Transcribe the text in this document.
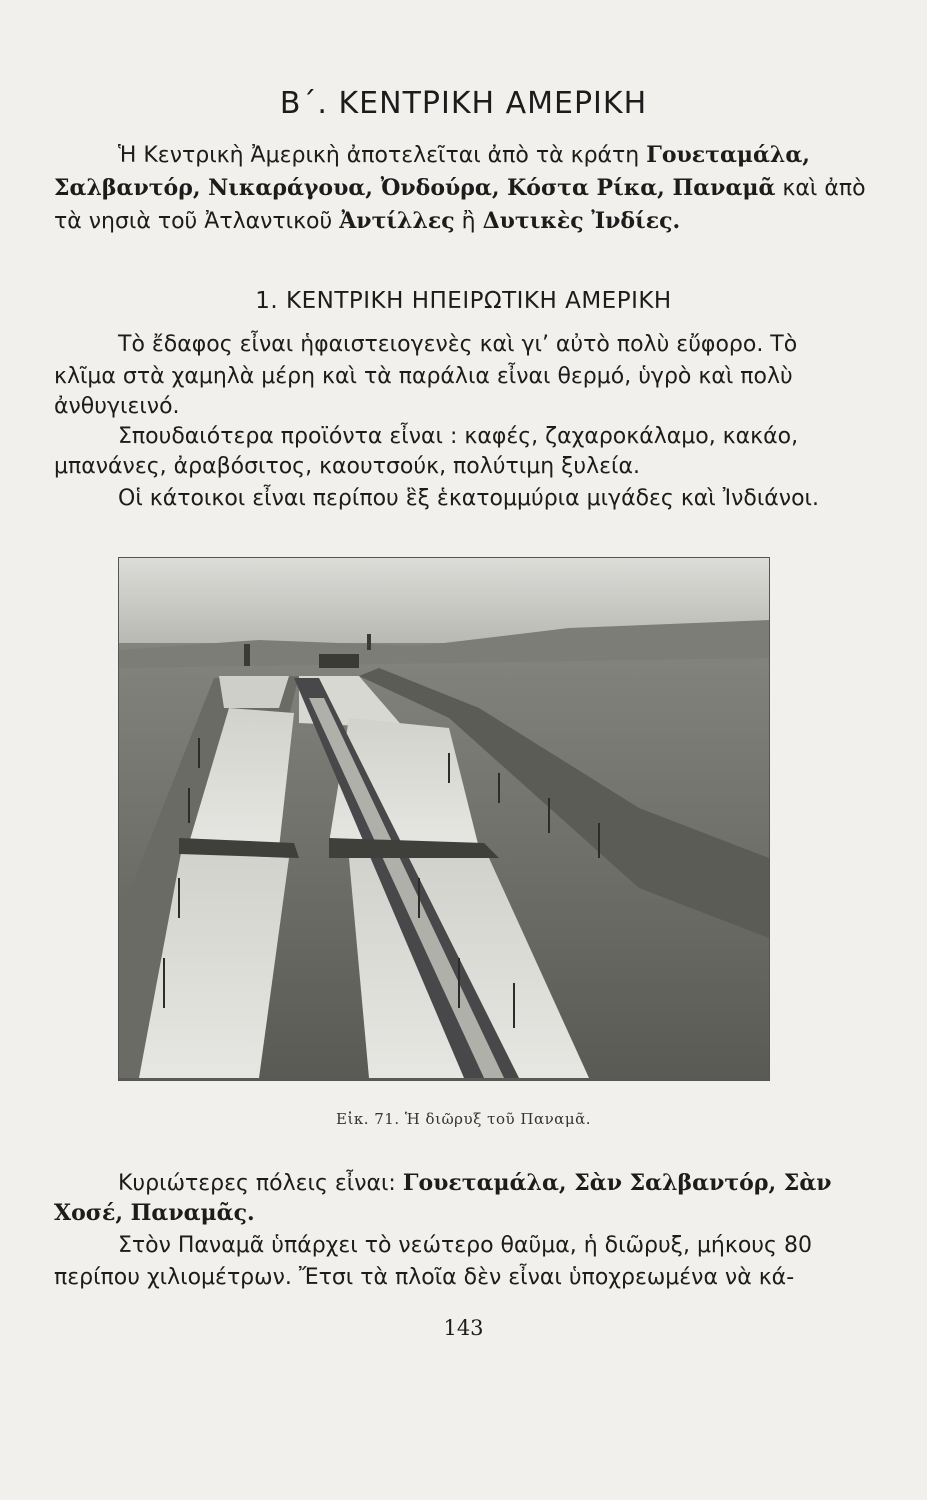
Β΄. ΚΕΝΤΡΙΚΗ ΑΜΕΡΙΚΗ
Ἡ Κεντρικὴ Ἀμερικὴ ἀποτελεῖται ἀπὸ τὰ κράτη Γουεταμάλα,
Σαλβαντόρ, Νικαράγουα, Ὀνδούρα, Κόστα Ρίκα, Παναμᾶ καὶ ἀπὸ
τὰ νησιὰ τοῦ Ἀτλαντικοῦ Ἀντίλλες ἢ Δυτικὲς Ἰνδίες.
1. ΚΕΝΤΡΙΚΗ ΗΠΕΙΡΩΤΙΚΗ ΑΜΕΡΙΚΗ
Τὸ ἔδαφος εἶναι ἡφαιστειογενὲς καὶ γι’ αὐτὸ πολὺ εὔφορο. Τὸ
κλῖμα στὰ χαμηλὰ μέρη καὶ τὰ παράλια εἶναι θερμό, ὑγρὸ καὶ πολὺ
ἀνθυγιεινό.
Σπουδαιότερα προϊόντα εἶναι : καφές, ζαχαροκάλαμο, κακάο,
μπανάνες, ἀραβόσιτος, καουτσούκ, πολύτιμη ξυλεία.
Οἱ κάτοικοι εἶναι περίπου ἓξ ἑκατομμύρια μιγάδες καὶ Ἰνδιάνοι.
Εἰκ. 71. Ἡ διῶρυξ τοῦ Παναμᾶ.
Κυριώτερες πόλεις εἶναι: Γουεταμάλα, Σὰν Σαλβαντόρ, Σὰν
Χοσέ, Παναμᾶς.
Στὸν Παναμᾶ ὑπάρχει τὸ νεώτερο θαῦμα, ἡ διῶρυξ, μήκους 80
περίπου χιλιομέτρων. Ἔτσι τὰ πλοῖα δὲν εἶναι ὑποχρεωμένα νὰ κά-
143
